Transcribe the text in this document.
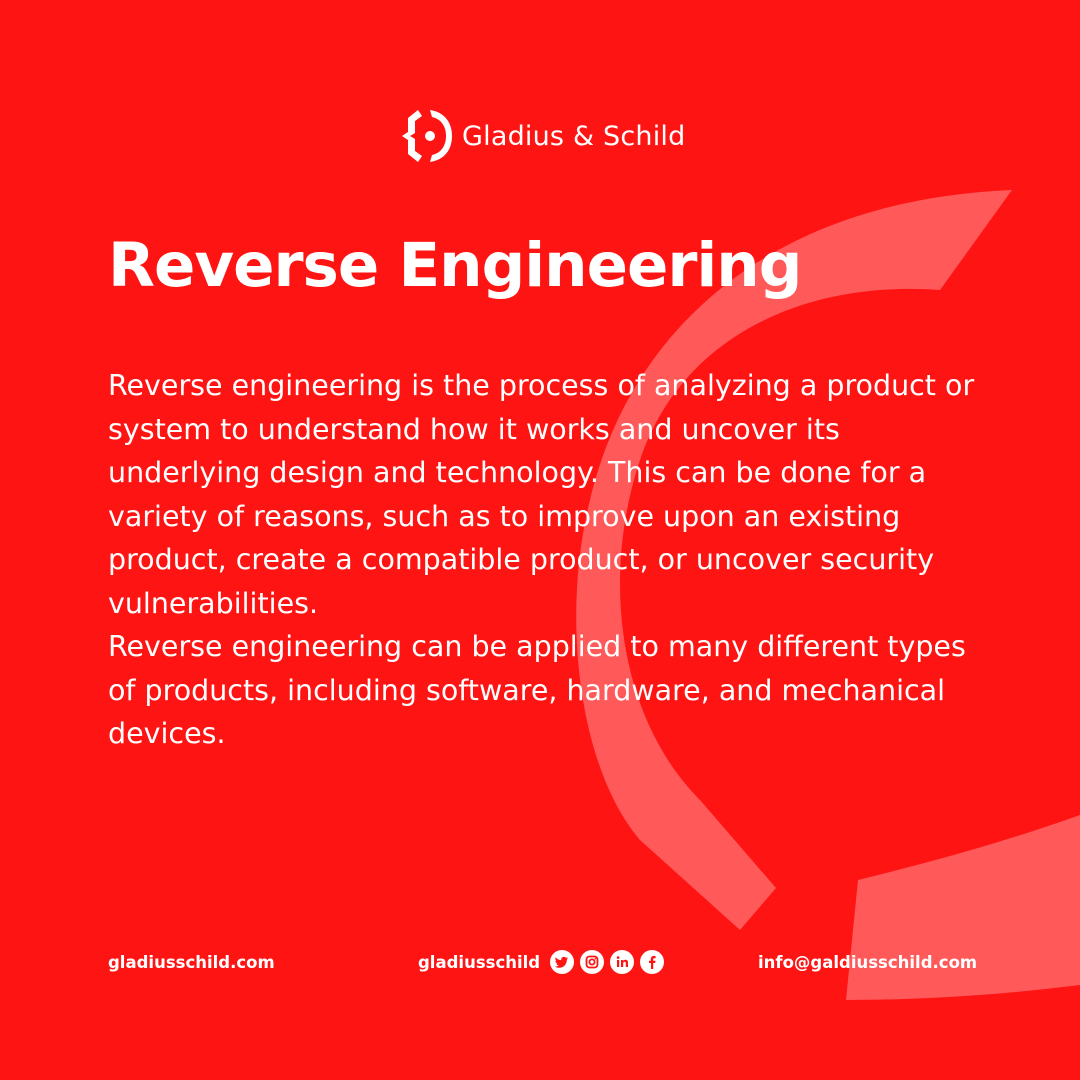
Gladius & Schild
Reverse Engineering

Reverse engineering is the process of analyzing a product or system to understand how it works and uncover its underlying design and technology. This can be done for a variety of reasons, such as to improve upon an existing product, create a compatible product, or uncover security vulnerabilities.

Reverse engineering can be applied to many different types of products, including software, hardware, and mechanical devices.

gladiusschild.com	gladiusschild	info@galdiusschild.com
